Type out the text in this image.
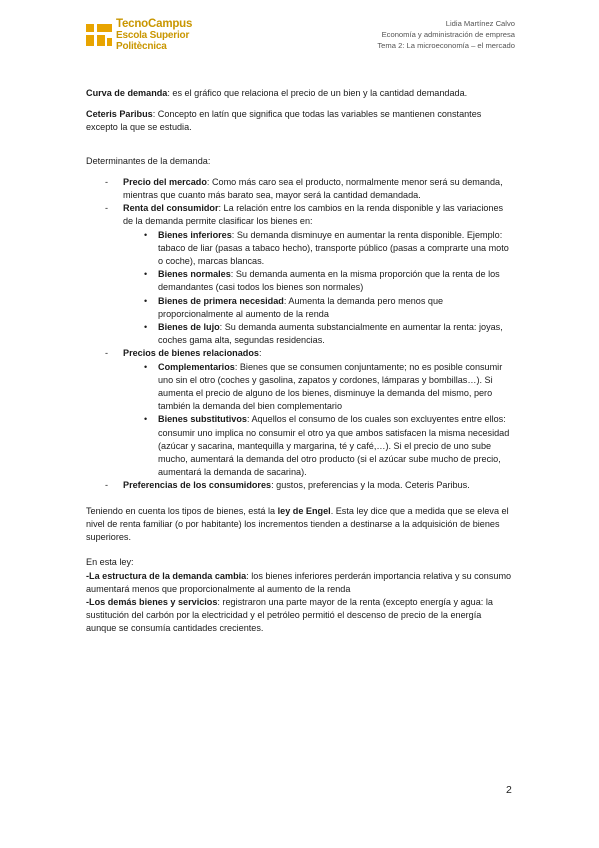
TecnoCampus
Escola Superior
Politècnica
Lidia Martínez Calvo
Economía y administración de empresa
Tema 2: La microeconomía – el mercado

Curva de demanda: es el gráfico que relaciona el precio de un bien y la cantidad demandada.

Ceteris Paribus: Concepto en latín que significa que todas las variables se mantienen constantes excepto la que se estudia.

Determinantes de la demanda:

- Precio del mercado: Como más caro sea el producto, normalmente menor será su demanda, mientras que cuanto más barato sea, mayor será la cantidad demandada.
- Renta del consumidor: La relación entre los cambios en la renda disponible y las variaciones de la demanda permite clasificar los bienes en:
• Bienes inferiores: Su demanda disminuye en aumentar la renta disponible. Ejemplo: tabaco de liar (pasas a tabaco hecho), transporte público (pasas a comprarte una moto o coche), marcas blancas.
• Bienes normales: Su demanda aumenta en la misma proporción que la renta de los demandantes (casi todos los bienes son normales)
• Bienes de primera necesidad: Aumenta la demanda pero menos que proporcionalmente al aumento de la renda
• Bienes de lujo: Su demanda aumenta substancialmente en aumentar la renta: joyas, coches gama alta, segundas residencias.
- Precios de bienes relacionados:
• Complementarios: Bienes que se consumen conjuntamente; no es posible consumir uno sin el otro (coches y gasolina, zapatos y cordones, lámparas y bombillas…). Si aumenta el precio de alguno de los bienes, disminuye la demanda del mismo, pero también la demanda del bien complementario
• Bienes substitutivos: Aquellos el consumo de los cuales son excluyentes entre ellos: consumir uno implica no consumir el otro ya que ambos satisfacen la misma necesidad (azúcar y sacarina, mantequilla y margarina, té y café,…). Si el precio de uno sube mucho, aumentará la demanda del otro producto (si el azúcar sube mucho de precio, aumentará la demanda de sacarina).
- Preferencias de los consumidores: gustos, preferencias y la moda. Ceteris Paribus.

Teniendo en cuenta los tipos de bienes, está la ley de Engel. Esta ley dice que a medida que se eleva el nivel de renta familiar (o por habitante) los incrementos tienden a destinarse a la adquisición de bienes superiores.

En esta ley:
-La estructura de la demanda cambia: los bienes inferiores perderán importancia relativa y su consumo aumentará menos que proporcionalmente al aumento de la renda
-Los demás bienes y servicios: registraron una parte mayor de la renta (excepto energía y agua: la sustitución del carbón por la electricidad y el petróleo permitió el descenso de precio de la energía aunque se consumía cantidades crecientes.
2
